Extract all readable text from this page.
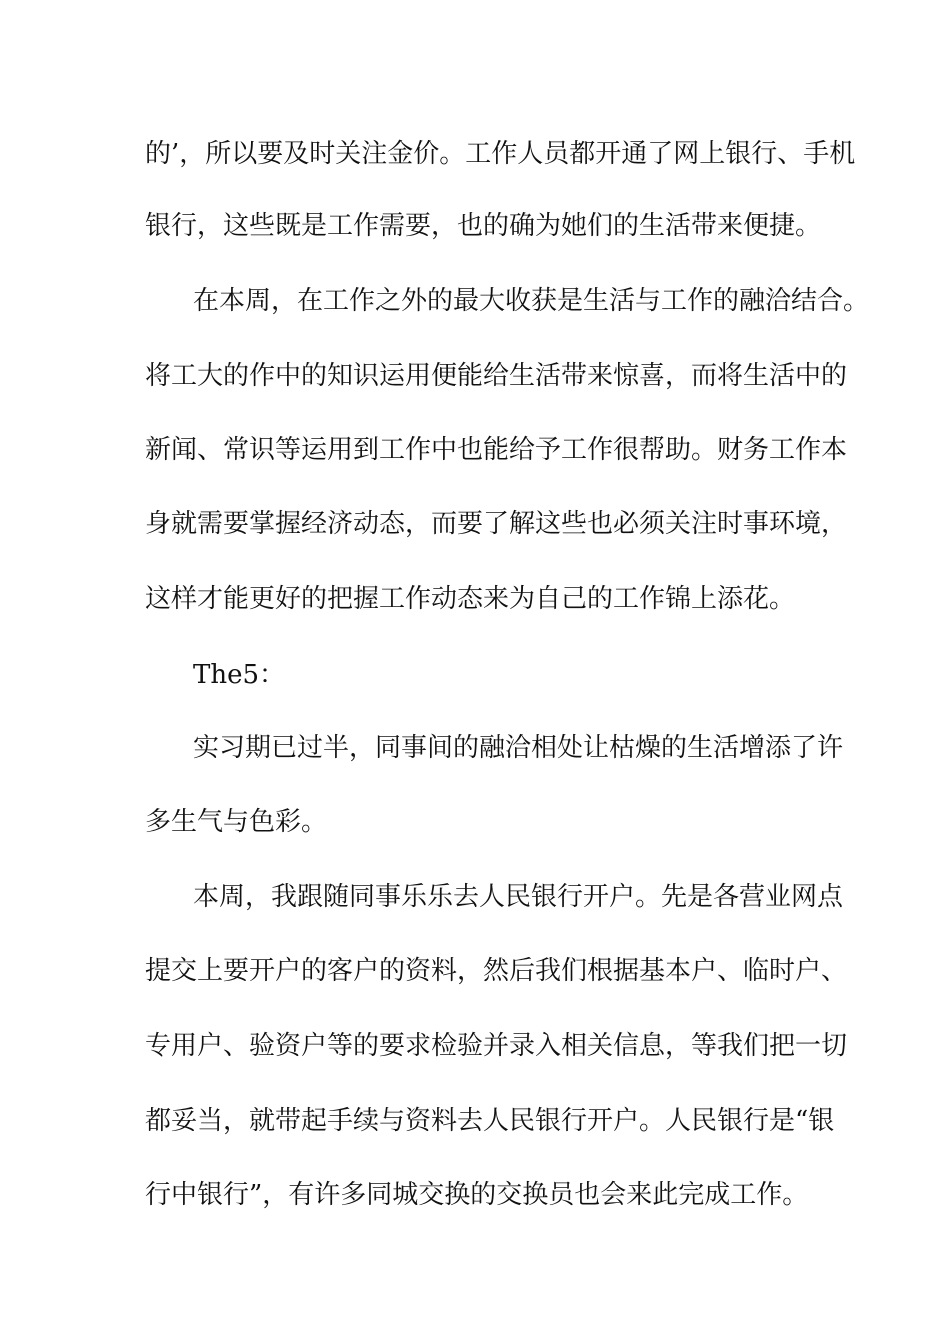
的’，所以要及时关注金价。工作人员都开通了网上银行、手机
银行，这些既是工作需要，也的确为她们的生活带来便捷。
在本周，在工作之外的最大收获是生活与工作的融洽结合。
将工大的作中的知识运用便能给生活带来惊喜，而将生活中的
新闻、常识等运用到工作中也能给予工作很帮助。财务工作本
身就需要掌握经济动态，而要了解这些也必须关注时事环境，
这样才能更好的把握工作动态来为自己的工作锦上添花。
The5：
实习期已过半，同事间的融洽相处让枯燥的生活增添了许
多生气与色彩。
本周，我跟随同事乐乐去人民银行开户。先是各营业网点
提交上要开户的客户的资料，然后我们根据基本户、临时户、
专用户、验资户等的要求检验并录入相关信息，等我们把一切
都妥当，就带起手续与资料去人民银行开户。人民银行是“银
行中银行”，有许多同城交换的交换员也会来此完成工作。
